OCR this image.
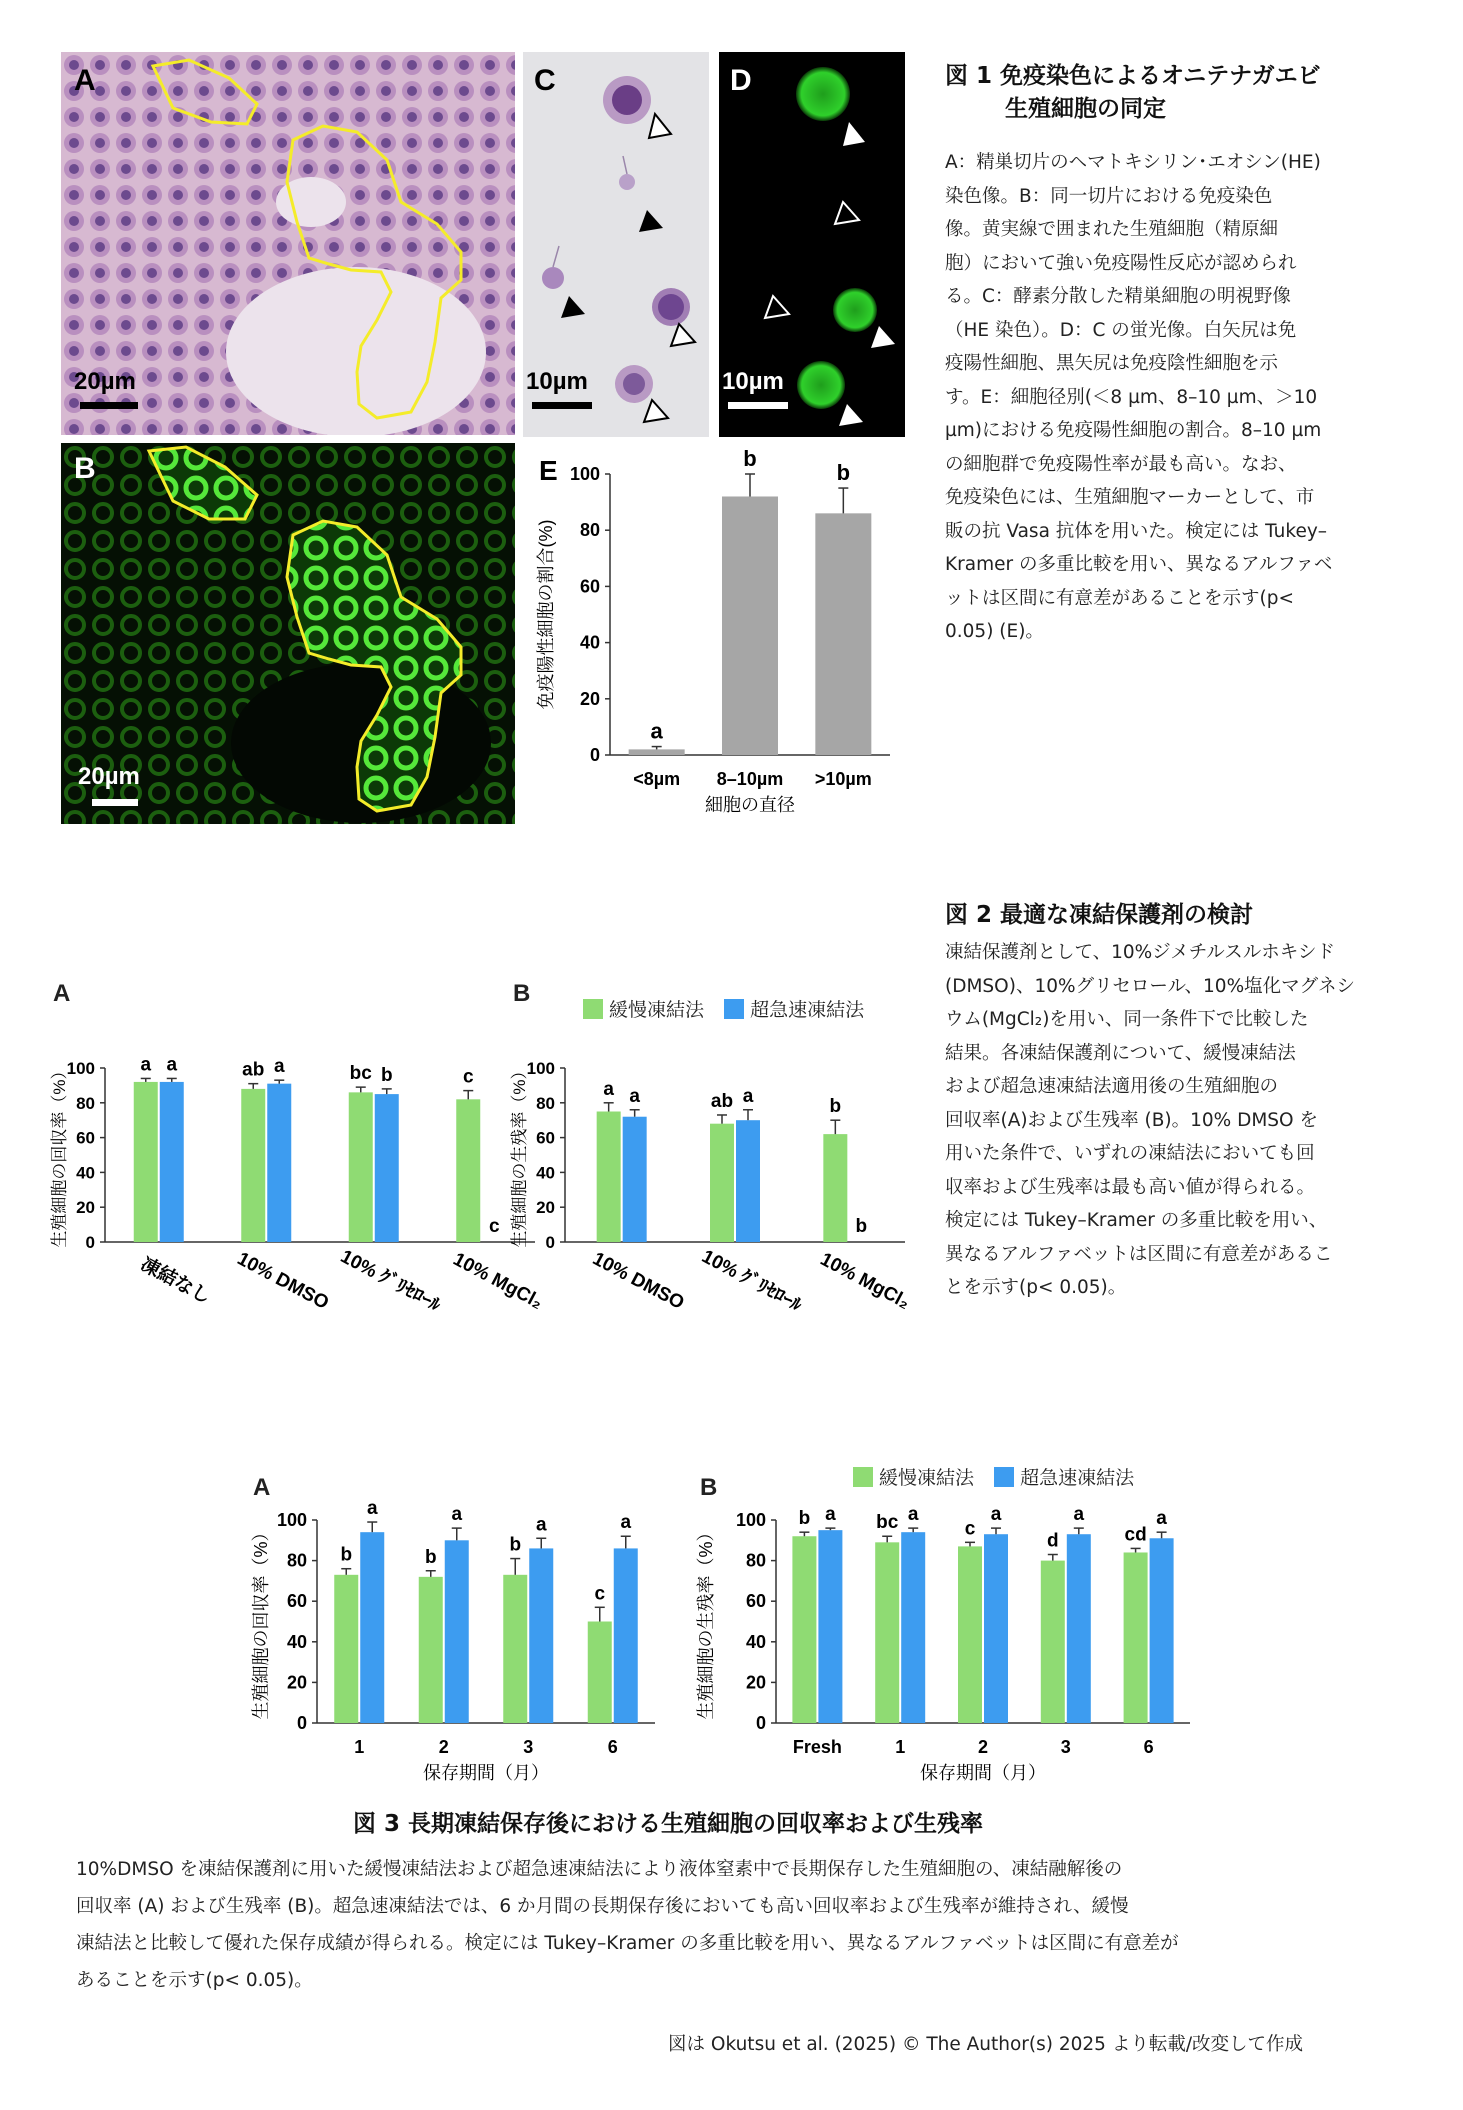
A
20µm
B
20µm
C
10µm
D
10µm
E
0
20
40
60
80
100
免疫陽性細胞の割合(%)
<8µm
a
8–10µm
b
>10µm
b
細胞の直径
図 1 免疫染色によるオニテナガエビ
生殖細胞の同定
A：精巣切片のヘマトキシリン･エオシン(HE)
染色像。B：同一切片における免疫染色
像。黄実線で囲まれた生殖細胞（精原細
胞）において強い免疫陽性反応が認められ
る。C：酵素分散した精巣細胞の明視野像
（HE 染色）。D：C の蛍光像。白矢尻は免
疫陽性細胞、黒矢尻は免疫陰性細胞を示
す。E：細胞径別(＜8 µm、8–10 µm、＞10
µm)における免疫陽性細胞の割合。8–10 µm
の細胞群で免疫陽性率が最も高い。なお、
免疫染色には、生殖細胞マーカーとして、市
販の抗 Vasa 抗体を用いた。検定には Tukey–
Kramer の多重比較を用い、異なるアルファベ
ットは区間に有意差があることを示す(p<
0.05) (E)。
A
0
20
40
60
80
100
生殖細胞の回収率（%）
凍結なし
a a
10% DMSO
ab a
10% ｸﾞﾘｾﾛｰﾙ
bc b
10% MgCl₂
c
c
B
緩慢凍結法 超急速凍結法
0
20
40
60
80
100
生殖細胞の生残率（%）
10% DMSO
a a
10% ｸﾞﾘｾﾛｰﾙ
ab a
10% MgCl₂
b
b
図 2 最適な凍結保護剤の検討
凍結保護剤として、10%ジメチルスルホキシド
(DMSO)、10%グリセロール、10%塩化マグネシ
ウム(MgCl₂)を用い、同一条件下で比較した
結果。各凍結保護剤について、緩慢凍結法
および超急速凍結法適用後の生殖細胞の
回収率(A)および生残率 (B)。10% DMSO を
用いた条件で、いずれの凍結法においても回
収率および生残率は最も高い値が得られる。
検定には Tukey–Kramer の多重比較を用い、
異なるアルファベットは区間に有意差があるこ
とを示す(p< 0.05)。
A
0
20
40
60
80
100
生殖細胞の回収率（%）
1
b
a
2
b
a
3
b
a
6
c
a
保存期間（月）
B	緩慢凍結法 超急速凍結法
0
20
40
60
80
100
生殖細胞の生残率（%）
Fresh
b a
1
bc a
2
c
a
3
d
a
6
cd
a
保存期間（月）
図 3 長期凍結保存後における生殖細胞の回収率および生残率
10%DMSO を凍結保護剤に用いた緩慢凍結法および超急速凍結法により液体窒素中で長期保存した生殖細胞の、凍結融解後の
回収率 (A) および生残率 (B)。超急速凍結法では、6 か月間の長期保存後においても高い回収率および生残率が維持され、緩慢
凍結法と比較して優れた保存成績が得られる。検定には Tukey–Kramer の多重比較を用い、異なるアルファベットは区間に有意差が
あることを示す(p< 0.05)。
図は Okutsu et al. (2025) © The Author(s) 2025 より転載/改変して作成
